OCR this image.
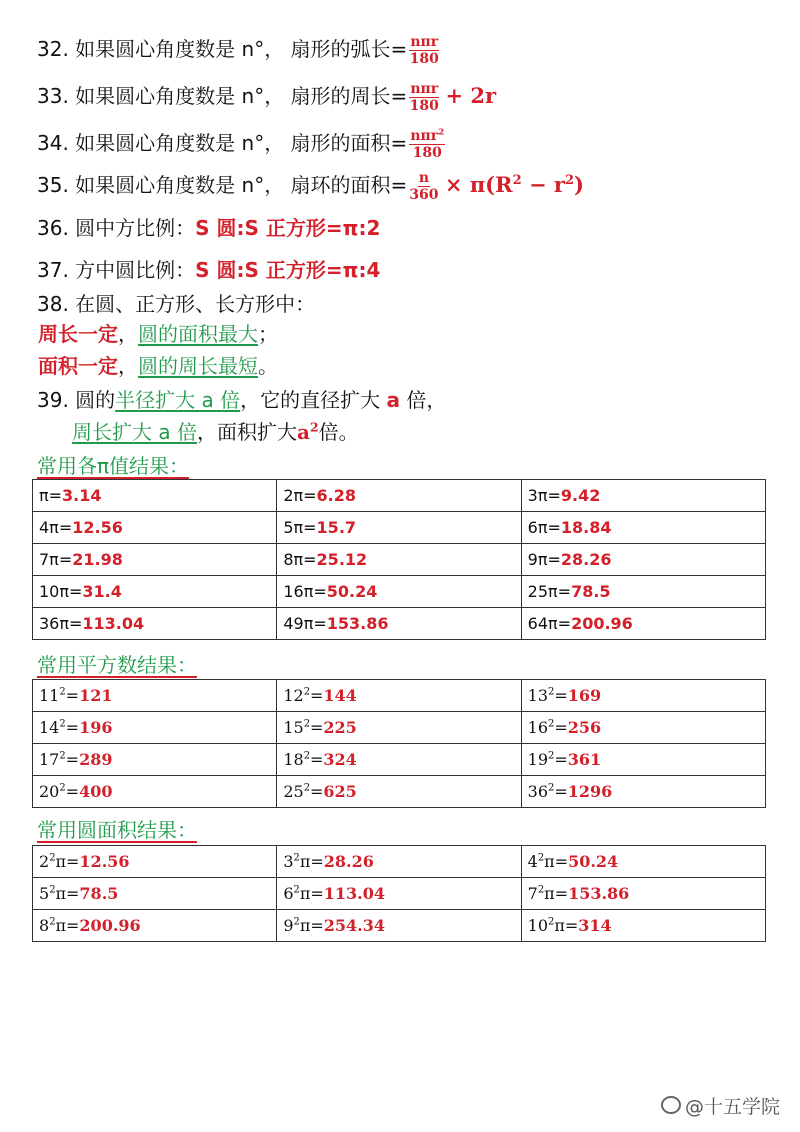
32. 如果圆心角度数是 n°， 扇形的弧长= $\frac{\text{nπr}}{180}$
33. 如果圆心角度数是 n°， 扇形的周长= $\frac{\text{nπr}}{180} + 2r$
34. 如果圆心角度数是 n°， 扇形的面积= $\frac{n\pi r^2}{180}$
35. 如果圆心角度数是 n°， 扇环的面积= $\frac{n}{360} \times \pi(R^2 - r^2)$
36. 圆中方比例：S 圆:S 正方形=π:2
37. 方中圆比例：S 圆:S 正方形=π:4
38. 在圆、正方形、长方形中：
周长一定，圆的面积最大；
面积一定，圆的周长最短。
39. 圆的半径扩大 a 倍，它的直径扩大 a 倍，
周长扩大 a 倍，面积扩大$a^2$倍。
常用各π值结果：
π=3.14	2π=6.28	3π=9.42
4π=12.56	5π=15.7	6π=18.84
7π=21.98	8π=25.12	9π=28.26
10π=31.4	16π=50.24	25π=78.5
36π=113.04	49π=153.86	64π=200.96
常用平方数结果：
$11^2=121$	$12^2=144$	$13^2=169$
$14^2=196$	$15^2=225$	$16^2=256$
$17^2=289$	$18^2=324$	$19^2=361$
$20^2=400$	$25^2=625$	$36^2=1296$
常用圆面积结果：
$2^2\pi=12.56$	$3^2\pi=28.26$	$4^2\pi=50.24$
$5^2\pi=78.5$	$6^2\pi=113.04$	$7^2\pi=153.86$
$8^2\pi=200.96$	$9^2\pi=254.34$	$10^2\pi=314$
@十五学院
